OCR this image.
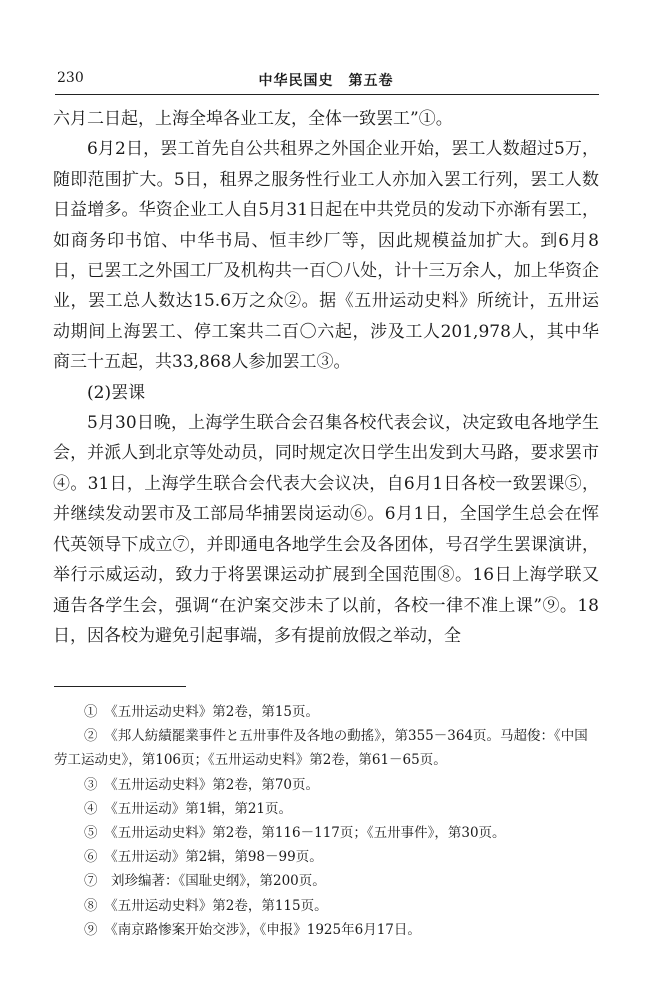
230	中华民国史　第五卷

六月二日起，上海全埠各业工友，全体一致罢工”①。

6月2日，罢工首先自公共租界之外国企业开始，罢工人数超过5万，随即范围扩大。5日，租界之服务性行业工人亦加入罢工行列，罢工人数日益增多。华资企业工人自5月31日起在中共党员的发动下亦渐有罢工，如商务印书馆、中华书局、恒丰纱厂等，因此规模益加扩大。到6月8日，已罢工之外国工厂及机构共一百〇八处，计十三万余人，加上华资企业，罢工总人数达15.6万之众②。据《五卅运动史料》所统计，五卅运动期间上海罢工、停工案共二百〇六起，涉及工人201,978人，其中华商三十五起，共33,868人参加罢工③。

(2)罢课

5月30日晚，上海学生联合会召集各校代表会议，决定致电各地学生会，并派人到北京等处动员，同时规定次日学生出发到大马路，要求罢市④。31日，上海学生联合会代表大会议决，自6月1日各校一致罢课⑤，并继续发动罢市及工部局华捕罢岗运动⑥。6月1日，全国学生总会在恽代英领导下成立⑦，并即通电各地学生会及各团体，号召学生罢课演讲，举行示威运动，致力于将罢课运动扩展到全国范围⑧。16日上海学联又通告各学生会，强调“在沪案交涉未了以前，各校一律不准上课”⑨。18日，因各校为避免引起事端，多有提前放假之举动，全

①　《五卅运动史料》第2卷，第15页。

②　《邦人紡績罷業事件と五卅事件及各地の動搖》，第355－364页。马超俊：《中国劳工运动史》，第106页；《五卅运动史料》第2卷，第61－65页。

③　《五卅运动史料》第2卷，第70页。

④　《五卅运动》第1辑，第21页。

⑤　《五卅运动史料》第2卷，第116－117页；《五卅事件》，第30页。

⑥　《五卅运动》第2辑，第98－99页。

⑦　刘珍编著：《国耻史纲》，第200页。

⑧　《五卅运动史料》第2卷，第115页。

⑨　《南京路惨案开始交涉》，《申报》1925年6月17日。
